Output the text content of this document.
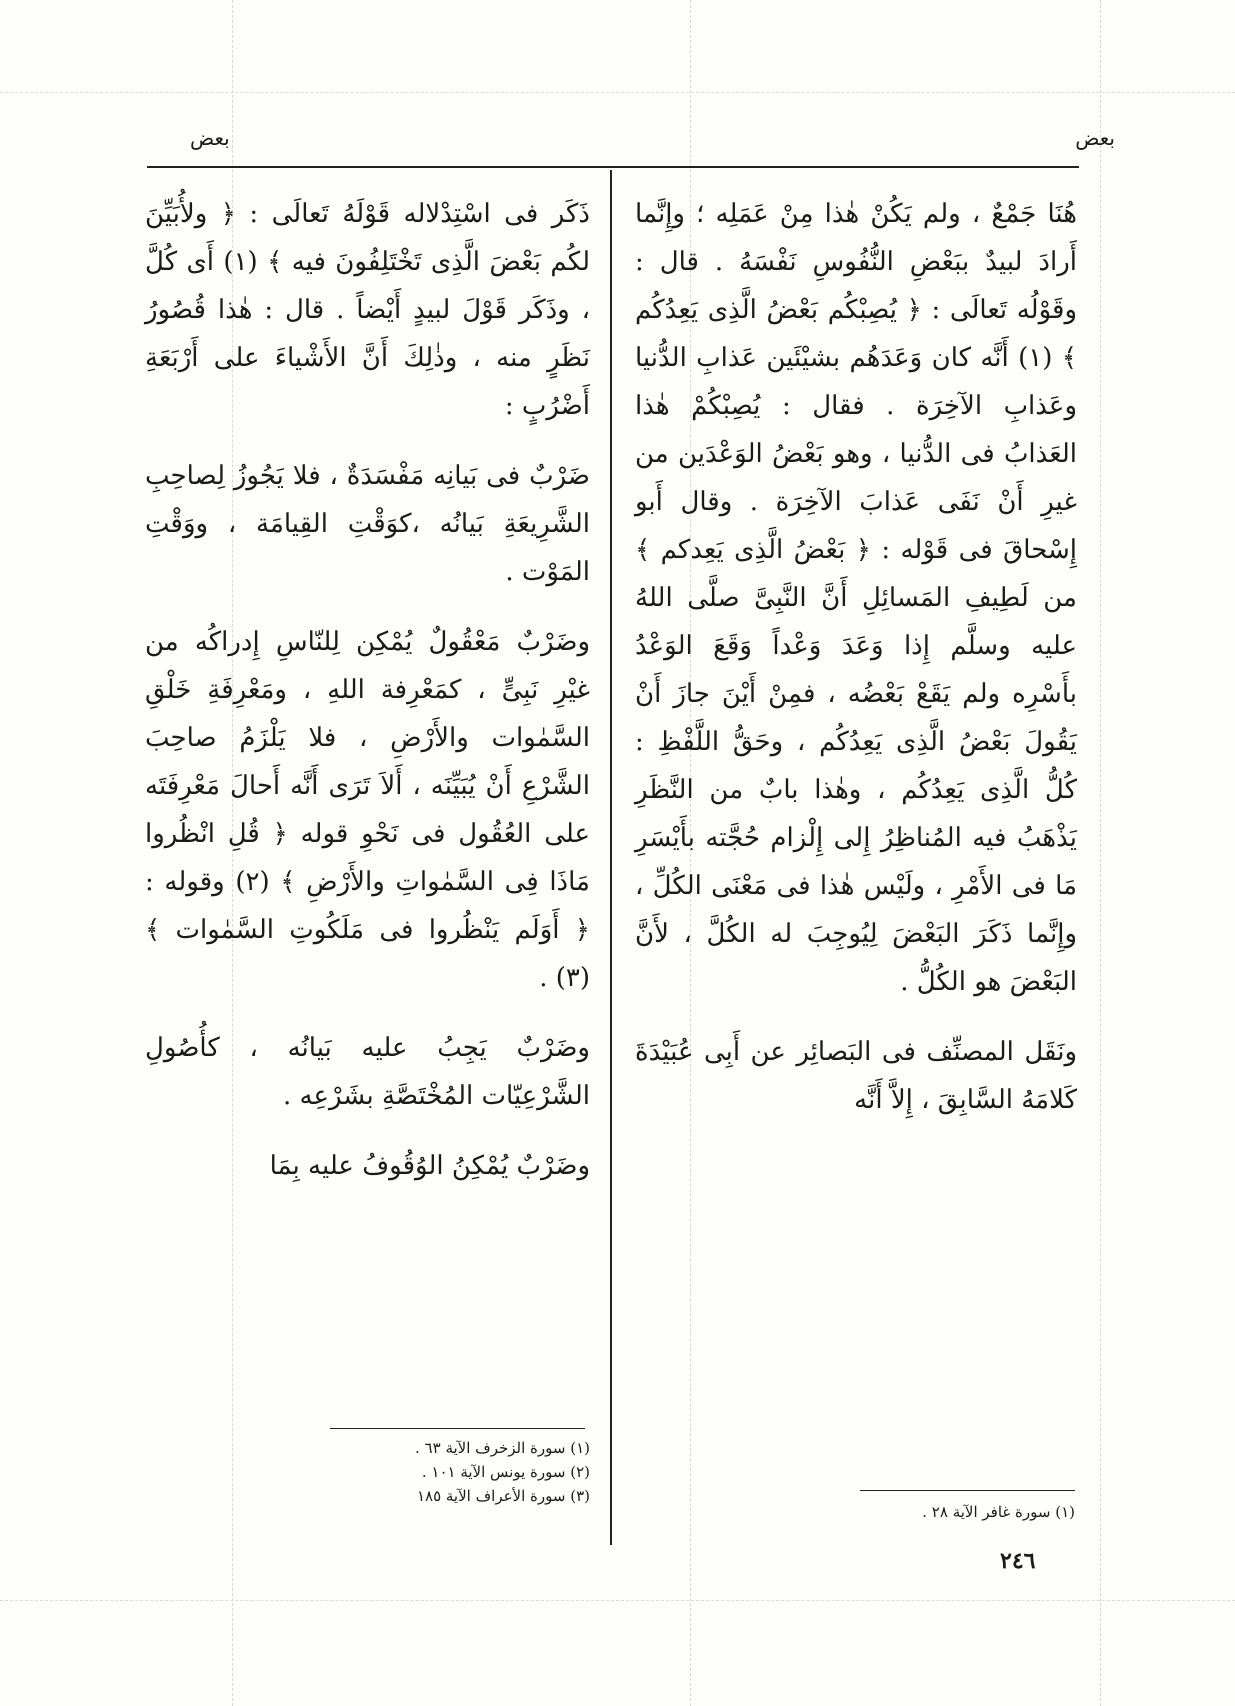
بعض	بعض

هُنَا جَمْعٌ ، ولم يَكُنْ هٰذا مِنْ عَمَلِه ؛ وإِنَّما أَرادَ لبيدٌ ببَعْضِ النُّفُوسِ نَفْسَهُ . قال : وقَوْلُه تَعالَى : ﴿ يُصِبْكُم بَعْضُ الَّذِى يَعِدُكُم ﴾ (١) أَنَّه كان وَعَدَهُم بشيْئَين عَذابِ الدُّنيا وعَذابِ الآخِرَة . فقال : يُصِبْكُمْ هٰذا العَذابُ فى الدُّنيا ، وهو بَعْضُ الوَعْدَين من غيرِ أَنْ نَفَى عَذابَ الآخِرَة . وقال أَبو إِسْحاقَ فى قَوْله : ﴿ بَعْضُ الَّذِى يَعِدكم ﴾ من لَطِيفِ المَسائِلِ أَنَّ النَّبِىَّ صلَّى اللهُ عليه وسلَّم إِذا وَعَدَ وَعْداً وَقَعَ الوَعْدُ بأَسْرِه ولم يَقَعْ بَعْضُه ، فمِنْ أَيْنَ جازَ أَنْ يَقُولَ بَعْضُ الَّذِى يَعِدُكُم ، وحَقُّ اللَّفْظِ : كُلُّ الَّذِى يَعِدُكُم ، وهٰذا بابٌ من النَّظَرِ يَذْهَبُ فيه المُناظِرُ إِلى إِلْزام حُجَّته بأَيْسَرِ مَا فى الأَمْرِ ، ولَيْس هٰذا فى مَعْنَى الكُلِّ ، وإِنَّما ذَكَرَ البَعْضَ لِيُوجِبَ له الكُلَّ ، لأَنَّ البَعْضَ هو الكُلُّ .

ونَقَل المصنِّف فى البَصائِر عن أَبِى عُبَيْدَةَ كَلامَهُ السَّابِقَ ، إِلاَّ أَنَّه

ذَكَر فى اسْتِدْلاله قَوْلَهُ تَعالَى : ﴿ ولأُبَيِّنَ لكُم بَعْضَ الَّذِى تَخْتَلِفُونَ فيه ﴾ (١) أَى كُلَّ ، وذَكَر قَوْلَ لبيدٍ أَيْضاً . قال : هٰذا قُصُورُ نَظَرٍ منه ، وذٰلِكَ أَنَّ الأَشْياءَ على أَرْبَعَةِ أَضْرُبٍ :

ضَرْبٌ فى بَيانِه مَفْسَدَةٌ ، فلا يَجُوزُ لِصاحِبِ الشَّرِيعَةِ بَيانُه ،كوَقْتِ القِيامَة ، ووَقْتِ المَوْت .

وضَرْبٌ مَعْقُولٌ يُمْكِن لِلنّاسِ إِدراكُه من غيْرِ نَبِىٍّ ، كمَعْرِفة اللهِ ، ومَعْرِفَةِ خَلْقِ السَّمٰوات والأَرْضِ ، فلا يَلْزَمُ صاحِبَ الشَّرْعِ أَنْ يُبَيِّنَه ، أَلاَ تَرَى أَنَّه أَحالَ مَعْرِفَتَه على العُقُول فى نَحْوِ قوله ﴿ قُلِ انْظُروا مَاذَا فِى السَّمٰواتِ والأَرْضِ ﴾ (٢) وقوله : ﴿ أَوَلَم يَنْظُروا فى مَلَكُوتِ السَّمٰوات ﴾ (٣) .

وضَرْبٌ يَجِبُ عليه بَيانُه ، كأُصُولِ الشَّرْعِيّات المُخْتَصَّةِ بشَرْعِه .

وضَرْبٌ يُمْكِنُ الوُقُوفُ عليه بِمَا

(١) سورة الزخرف الآية ٦٣ .
(٢) سورة يونس الآية ١٠١ .
(٣) سورة الأعراف الآية ١٨٥
(١) سورة غافر الآية ٢٨ .
٢٤٦
